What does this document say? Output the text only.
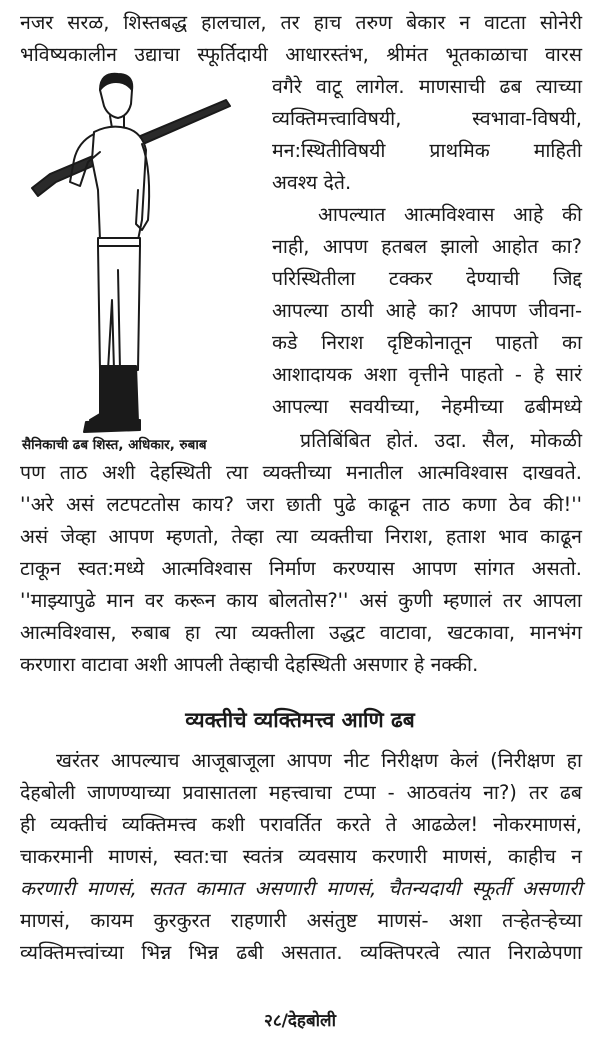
नजर सरळ, शिस्तबद्ध हालचाल, तर हाच तरुण बेकार न वाटता सोनेरी
भविष्यकालीन उद्याचा स्फूर्तिदायी आधारस्तंभ, श्रीमंत भूतकाळाचा वारस
वगैरे वाटू लागेल. माणसाची ढब त्याच्या
व्यक्तिमत्त्वाविषयी, स्वभावा-विषयी,
मन:स्थितीविषयी प्राथमिक माहिती
अवश्य देते.
आपल्यात आत्मविश्वास आहे की
नाही, आपण हतबल झालो आहोत का?
परिस्थितीला टक्कर देण्याची जिद्द
आपल्या ठायी आहे का? आपण जीवना-
कडे निराश दृष्टिकोनातून पाहतो का
आशादायक अशा वृत्तीने पाहतो - हे सारं
आपल्या सवयीच्या, नेहमीच्या ढबीमध्ये
प्रतिबिंबित होतं. उदा. सैल, मोकळी
सैनिकाची ढब शिस्त, अधिकार, रुबाब
पण ताठ अशी देहस्थिती त्या व्यक्तीच्या मनातील आत्मविश्वास दाखवते.
''अरे असं लटपटतोस काय? जरा छाती पुढे काढून ताठ कणा ठेव की!''
असं जेव्हा आपण म्हणतो, तेव्हा त्या व्यक्तीचा निराश, हताश भाव काढून
टाकून स्वत:मध्ये आत्मविश्वास निर्माण करण्यास आपण सांगत असतो.
''माझ्यापुढे मान वर करून काय बोलतोस?'' असं कुणी म्हणालं तर आपला
आत्मविश्वास, रुबाब हा त्या व्यक्तीला उद्धट वाटावा, खटकावा, मानभंग
करणारा वाटावा अशी आपली तेव्हाची देहस्थिती असणार हे नक्की.
व्यक्तीचे व्यक्तिमत्त्व आणि ढब
खरंतर आपल्याच आजूबाजूला आपण नीट निरीक्षण केलं (निरीक्षण हा
देहबोली जाणण्याच्या प्रवासातला महत्त्वाचा टप्पा - आठवतंय ना?) तर ढब
ही व्यक्तीचं व्यक्तिमत्त्व कशी परावर्तित करते ते आढळेल! नोकरमाणसं,
चाकरमानी माणसं, स्वत:चा स्वतंत्र व्यवसाय करणारी माणसं, काहीच न
करणारी माणसं, सतत कामात असणारी माणसं, चैतन्यदायी स्फूर्ती असणारी
माणसं, कायम कुरकुरत राहणारी असंतुष्ट माणसं- अशा तऱ्हेतऱ्हेच्या
व्यक्तिमत्त्वांच्या भिन्न भिन्न ढबी असतात. व्यक्तिपरत्वे त्यात निराळेपणा
२८/देहबोली
